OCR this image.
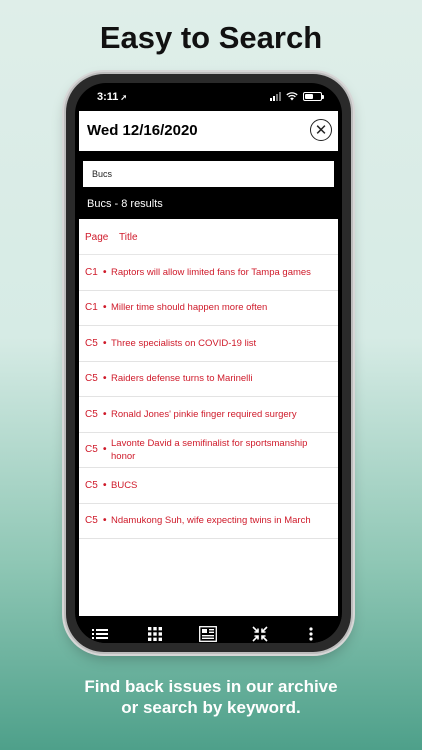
Easy to Search
3:11 ➚
Wed 12/16/2020	✕
Bucs
Bucs - 8 results
Page Title
C1 • Raptors will allow limited fans for Tampa games
C1 • Miller time should happen more often
C5 • Three specialists on COVID-19 list
C5 • Raiders defense turns to Marinelli
C5 • Ronald Jones' pinkie finger required surgery
C5 •
Lavonte David a semifinalist for sportsmanship honor
C5 • BUCS
C5 • Ndamukong Suh, wife expecting twins in March
Find back issues in our archive
or search by keyword.
